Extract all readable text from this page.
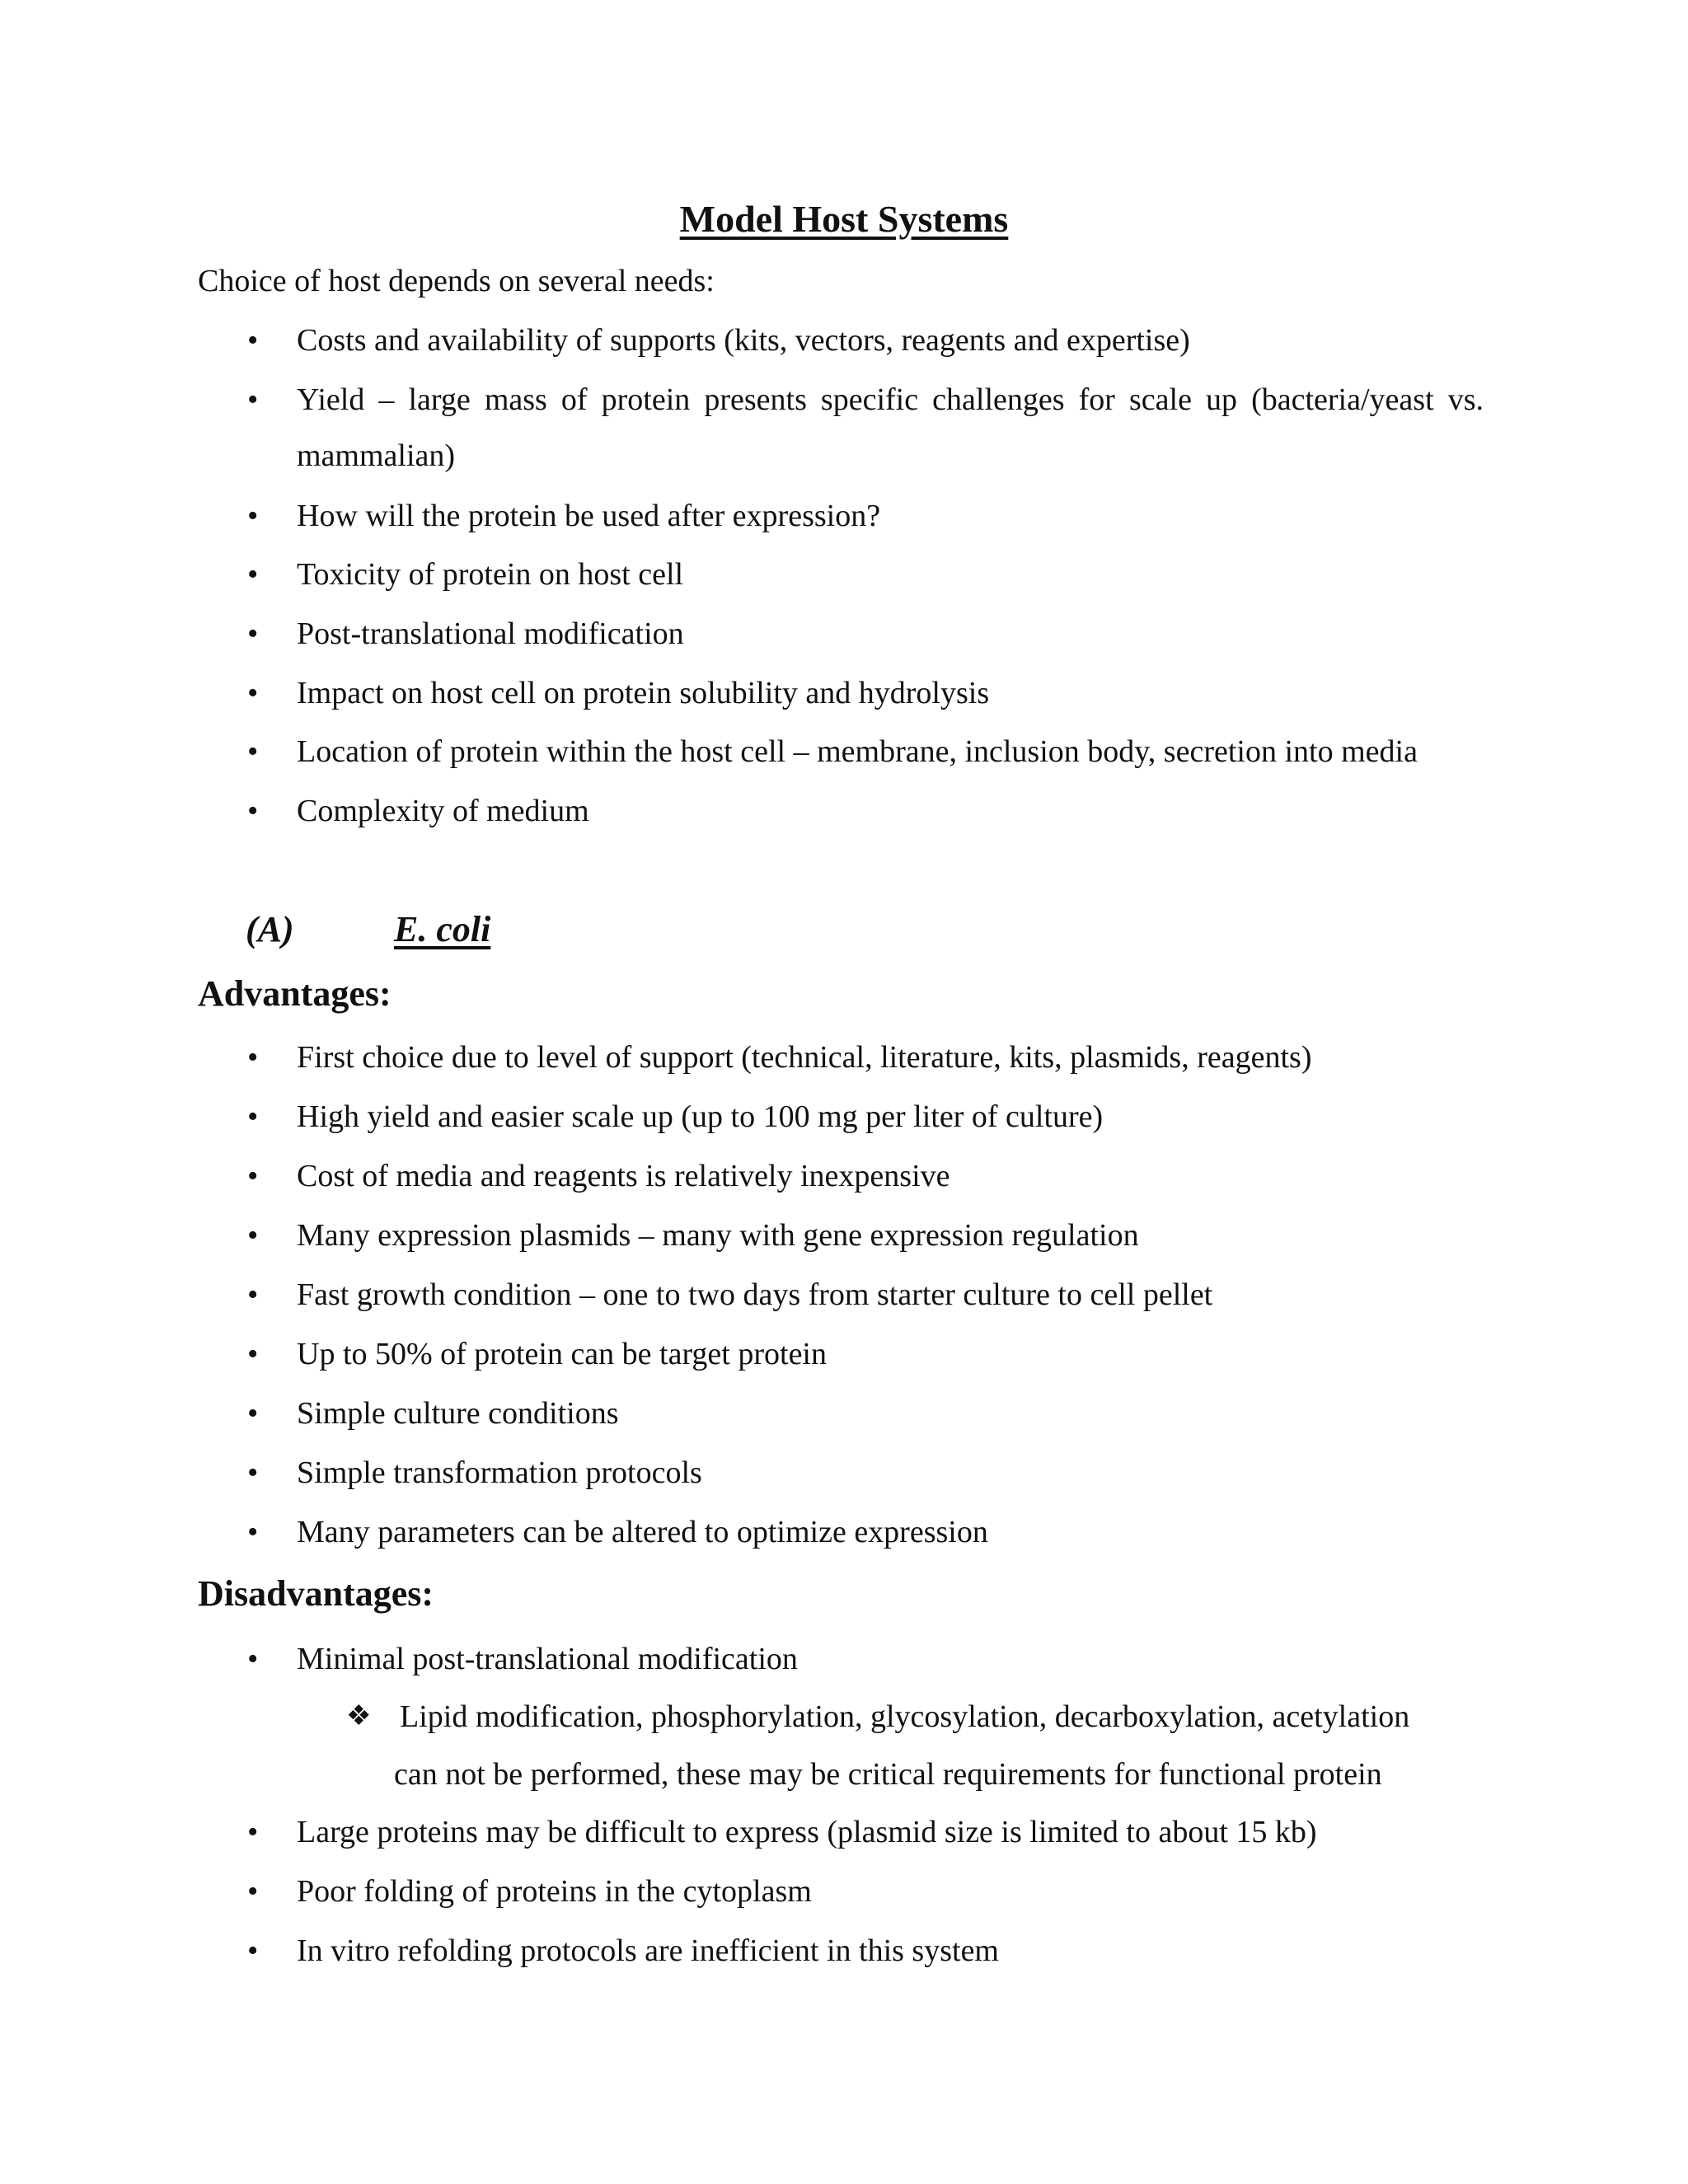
Model Host Systems
Choice of host depends on several needs:
• Costs and availability of supports (kits, vectors, reagents and expertise)
• Yield – large mass of protein presents specific challenges for scale up (bacteria/yeast vs.
mammalian)
• How will the protein be used after expression?
• Toxicity of protein on host cell
• Post-translational modification
• Impact on host cell on protein solubility and hydrolysis
• Location of protein within the host cell – membrane, inclusion body, secretion into media
• Complexity of medium
(A)	E. coli
Advantages:
• First choice due to level of support (technical, literature, kits, plasmids, reagents)
• High yield and easier scale up (up to 100 mg per liter of culture)
• Cost of media and reagents is relatively inexpensive
• Many expression plasmids – many with gene expression regulation
• Fast growth condition – one to two days from starter culture to cell pellet
• Up to 50% of protein can be target protein
• Simple culture conditions
• Simple transformation protocols
• Many parameters can be altered to optimize expression
Disadvantages:
• Minimal post-translational modification
❖ Lipid modification, phosphorylation, glycosylation, decarboxylation, acetylation
can not be performed, these may be critical requirements for functional protein
• Large proteins may be difficult to express (plasmid size is limited to about 15 kb)
• Poor folding of proteins in the cytoplasm
• In vitro refolding protocols are inefficient in this system
